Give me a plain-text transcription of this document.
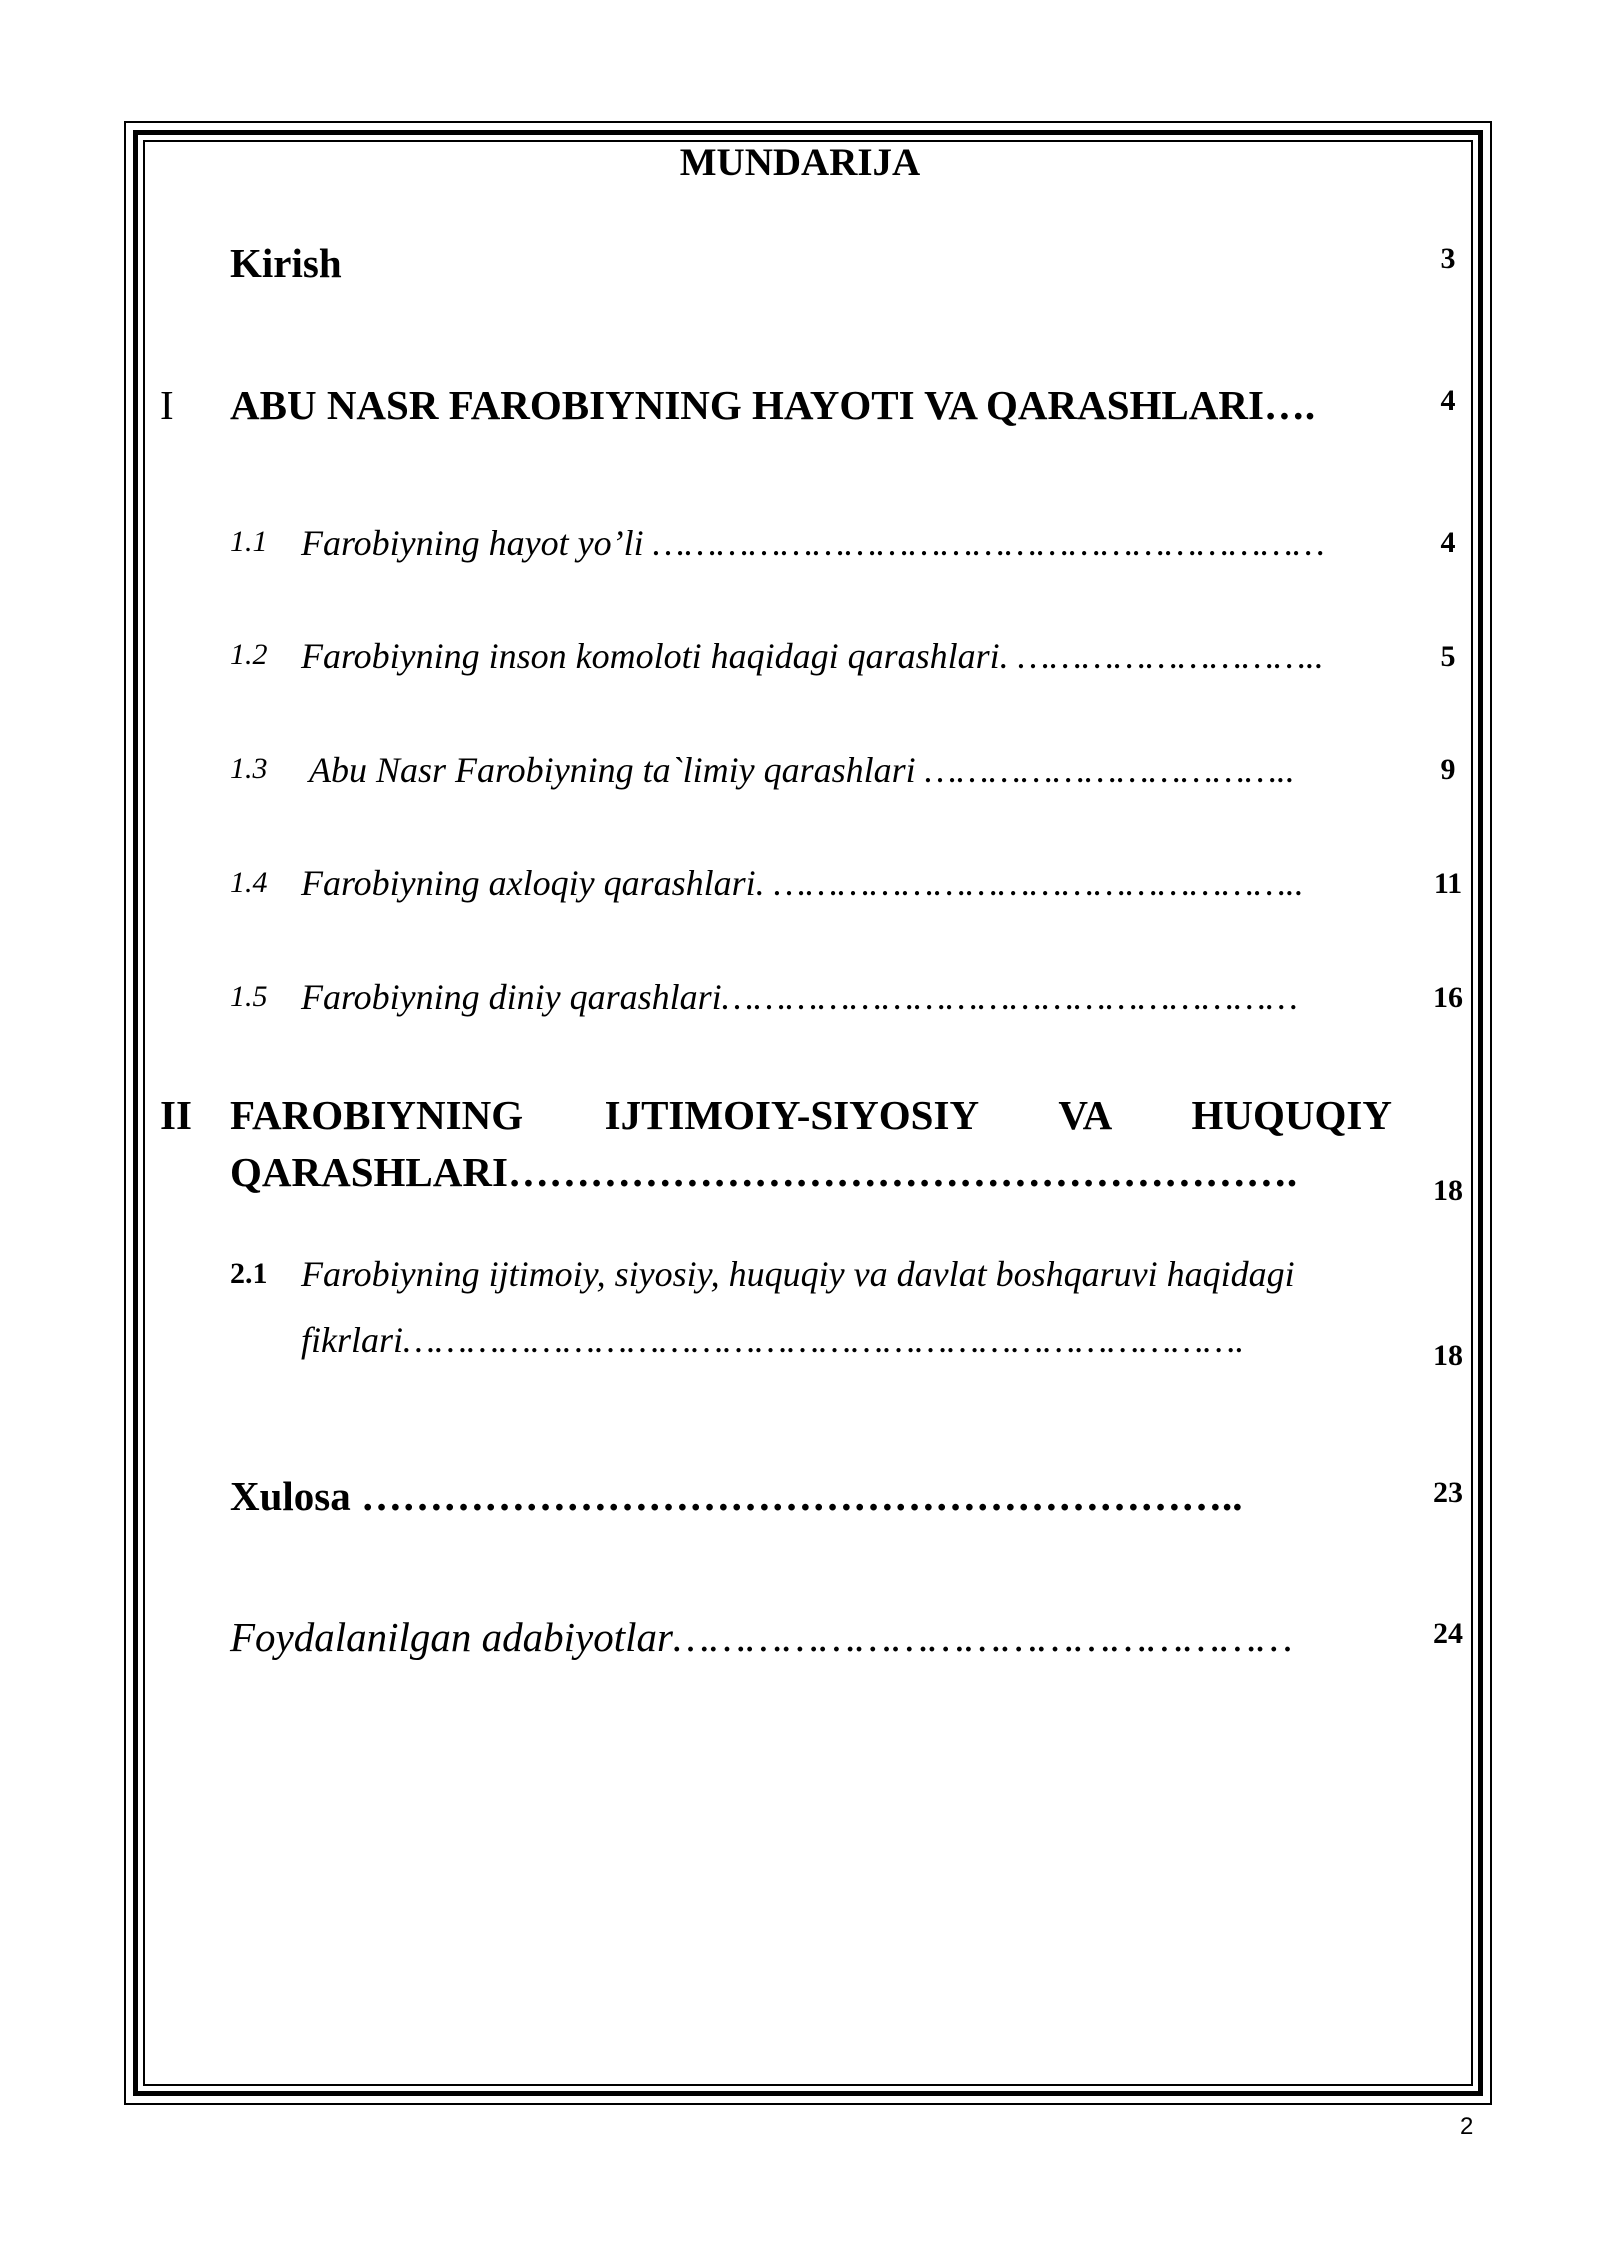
MUNDARIJA
Kirish	3
I ABU NASR FAROBIYNING HAYOTI VA QARASHLARI….	4
1.1 Farobiyning hayot yo’li ………………………………………………………	4
1.2 Farobiyning inson komoloti haqidagi qarashlari. ………………………..	5
1.3 Abu Nasr Farobiyning ta`limiy qarashlari ……………………………..	9
1.4 Farobiyning axloqiy qarashlari. …………………………………………..	11
1.5 Farobiyning diniy qarashlari………………………………………………	16
II FAROBIYNING IJTIMOIY-SIYOSIY VA HUQUQIY
QARASHLARI………………………………………………….	18
2.1 Farobiyning ijtimoiy, siyosiy, huquqiy va davlat boshqaruvi haqidagi
fikrlari…………………………………………………………………….	18
Xulosa ………………………………………………………..	23
Foydalanilgan adabiyotlar……………………………………………	24
2
